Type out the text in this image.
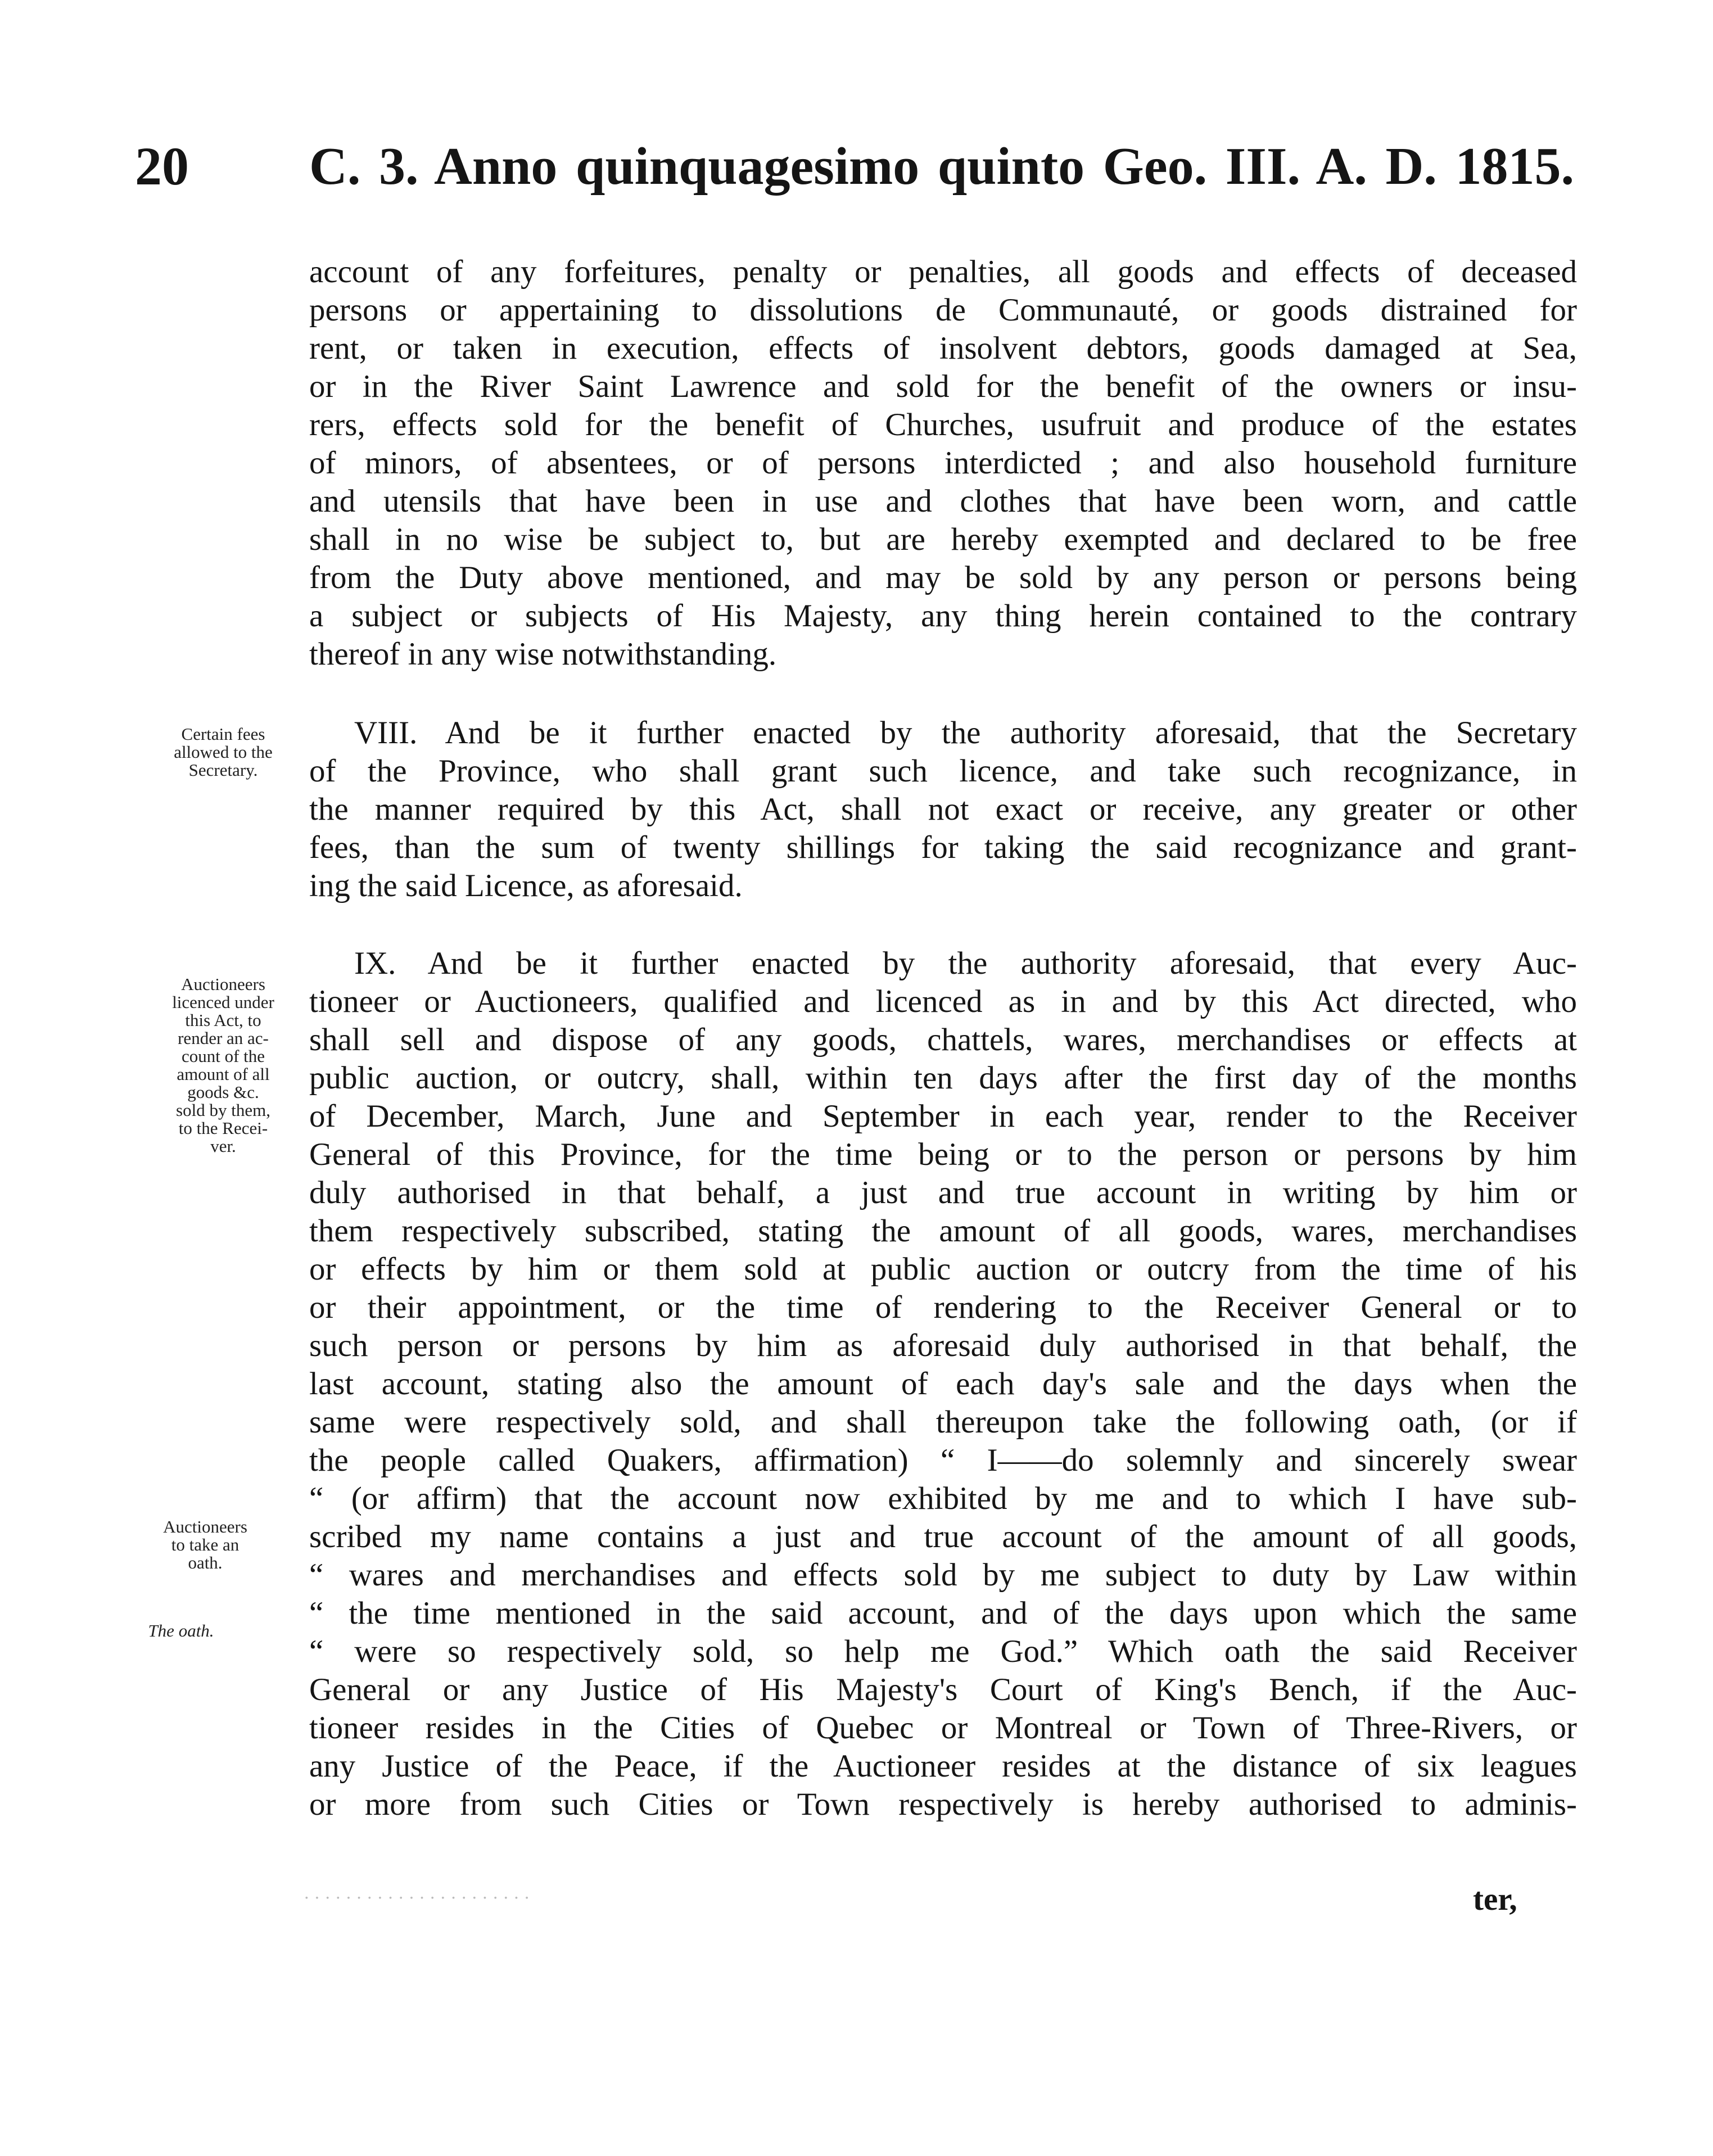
20 C. 3. Anno quinquagesimo quinto Geo. III. A. D. 1815.
account of any forfeitures, penalty or penalties, all goods and effects of deceased
persons or appertaining to dissolutions de Communauté, or goods distrained for
rent, or taken in execution, effects of insolvent debtors, goods damaged at Sea,
or in the River Saint Lawrence and sold for the benefit of the owners or insu-
rers, effects sold for the benefit of Churches, usufruit and produce of the estates
of minors, of absentees, or of persons interdicted ; and also household furniture
and utensils that have been in use and clothes that have been worn, and cattle
shall in no wise be subject to, but are hereby exempted and declared to be free
from the Duty above mentioned, and may be sold by any person or persons being
a subject or subjects of His Majesty, any thing herein contained to the contrary
thereof in any wise notwithstanding.
Certain fees
allowed to the
Secretary.
VIII. And be it further enacted by the authority aforesaid, that the Secretary
of the Province, who shall grant such licence, and take such recognizance, in
the manner required by this Act, shall not exact or receive, any greater or other
fees, than the sum of twenty shillings for taking the said recognizance and grant-
ing the said Licence, as aforesaid.
Auctioneers
licenced under
this Act, to
render an ac-
count of the
amount of all
goods &c.
sold by them,
to the Recei-
ver.
Auctioneers
to take an
oath.
The oath.
IX. And be it further enacted by the authority aforesaid, that every Auc-
tioneer or Auctioneers, qualified and licenced as in and by this Act directed, who
shall sell and dispose of any goods, chattels, wares, merchandises or effects at
public auction, or outcry, shall, within ten days after the first day of the months
of December, March, June and September in each year, render to the Receiver
General of this Province, for the time being or to the person or persons by him
duly authorised in that behalf, a just and true account in writing by him or
them respectively subscribed, stating the amount of all goods, wares, merchandises
or effects by him or them sold at public auction or outcry from the time of his
or their appointment, or the time of rendering to the Receiver General or to
such person or persons by him as aforesaid duly authorised in that behalf, the
last account, stating also the amount of each day's sale and the days when the
same were respectively sold, and shall thereupon take the following oath, (or if
the people called Quakers, affirmation) “ I——do solemnly and sincerely swear
“ (or affirm) that the account now exhibited by me and to which I have sub-
scribed my name contains a just and true account of the amount of all goods,
“ wares and merchandises and effects sold by me subject to duty by Law within
“ the time mentioned in the said account, and of the days upon which the same
“ were so respectively sold, so help me God.” Which oath the said Receiver
General or any Justice of His Majesty's Court of King's Bench, if the Auc-
tioneer resides in the Cities of Quebec or Montreal or Town of Three-Rivers, or
any Justice of the Peace, if the Auctioneer resides at the distance of six leagues
or more from such Cities or Town respectively is hereby authorised to adminis-
· · · · · · · · · · · · · · · · · · · · · ·	ter,
